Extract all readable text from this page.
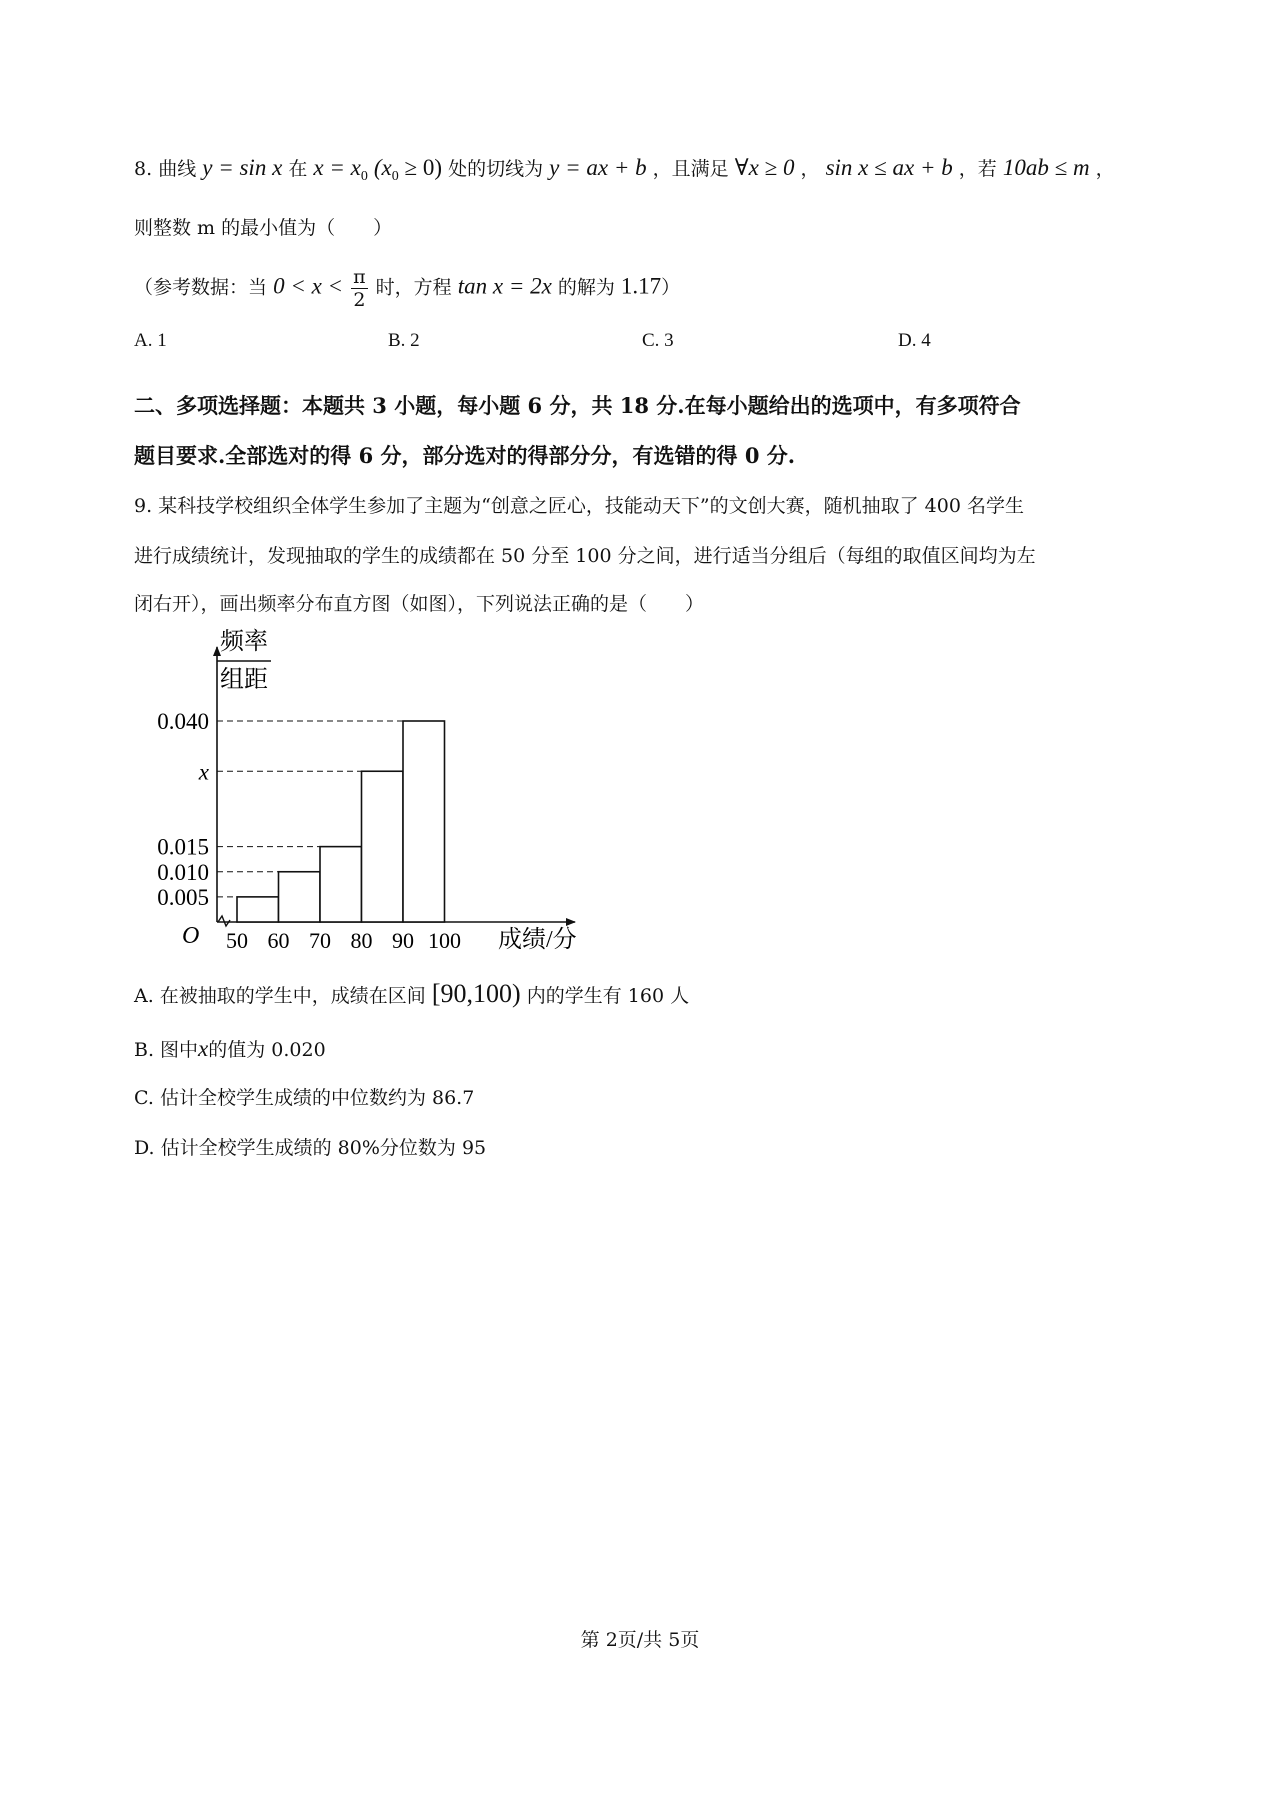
8. 曲线 y = sin x 在 $x = x_0$ $(x_0 \ge 0)$ 处的切线为 y = ax + b ，且满足 ∀x ≥ 0 ， sin x ≤ ax + b ，若 10ab ≤ m ，
则整数 m 的最小值为（　　）
（参考数据：当 $0 < x < \frac{\pi}{2}$ 时，方程 tan x = 2x 的解为 1.17）
A. 1	B. 2	C. 3	D. 4
二、多项选择题：本题共 3 小题，每小题 6 分，共 18 分.在每小题给出的选项中，有多项符合
题目要求.全部选对的得 6 分，部分选对的得部分分，有选错的得 0 分.
9. 某科技学校组织全体学生参加了主题为“创意之匠心，技能动天下”的文创大赛，随机抽取了 400 名学生
进行成绩统计，发现抽取的学生的成绩都在 50 分至 100 分之间，进行适当分组后（每组的取值区间均为左
闭右开），画出频率分布直方图（如图），下列说法正确的是（　　）
0.005
0.010
0.015
x
0.040
50 60 70 80 90 100
频率
组距
O	成绩/分
A. 在被抽取的学生中，成绩在区间 [90,100) 内的学生有 160 人
B. 图中x的值为 0.020
C. 估计全校学生成绩的中位数约为 86.7
D. 估计全校学生成绩的 80%分位数为 95
第 2页/共 5页
